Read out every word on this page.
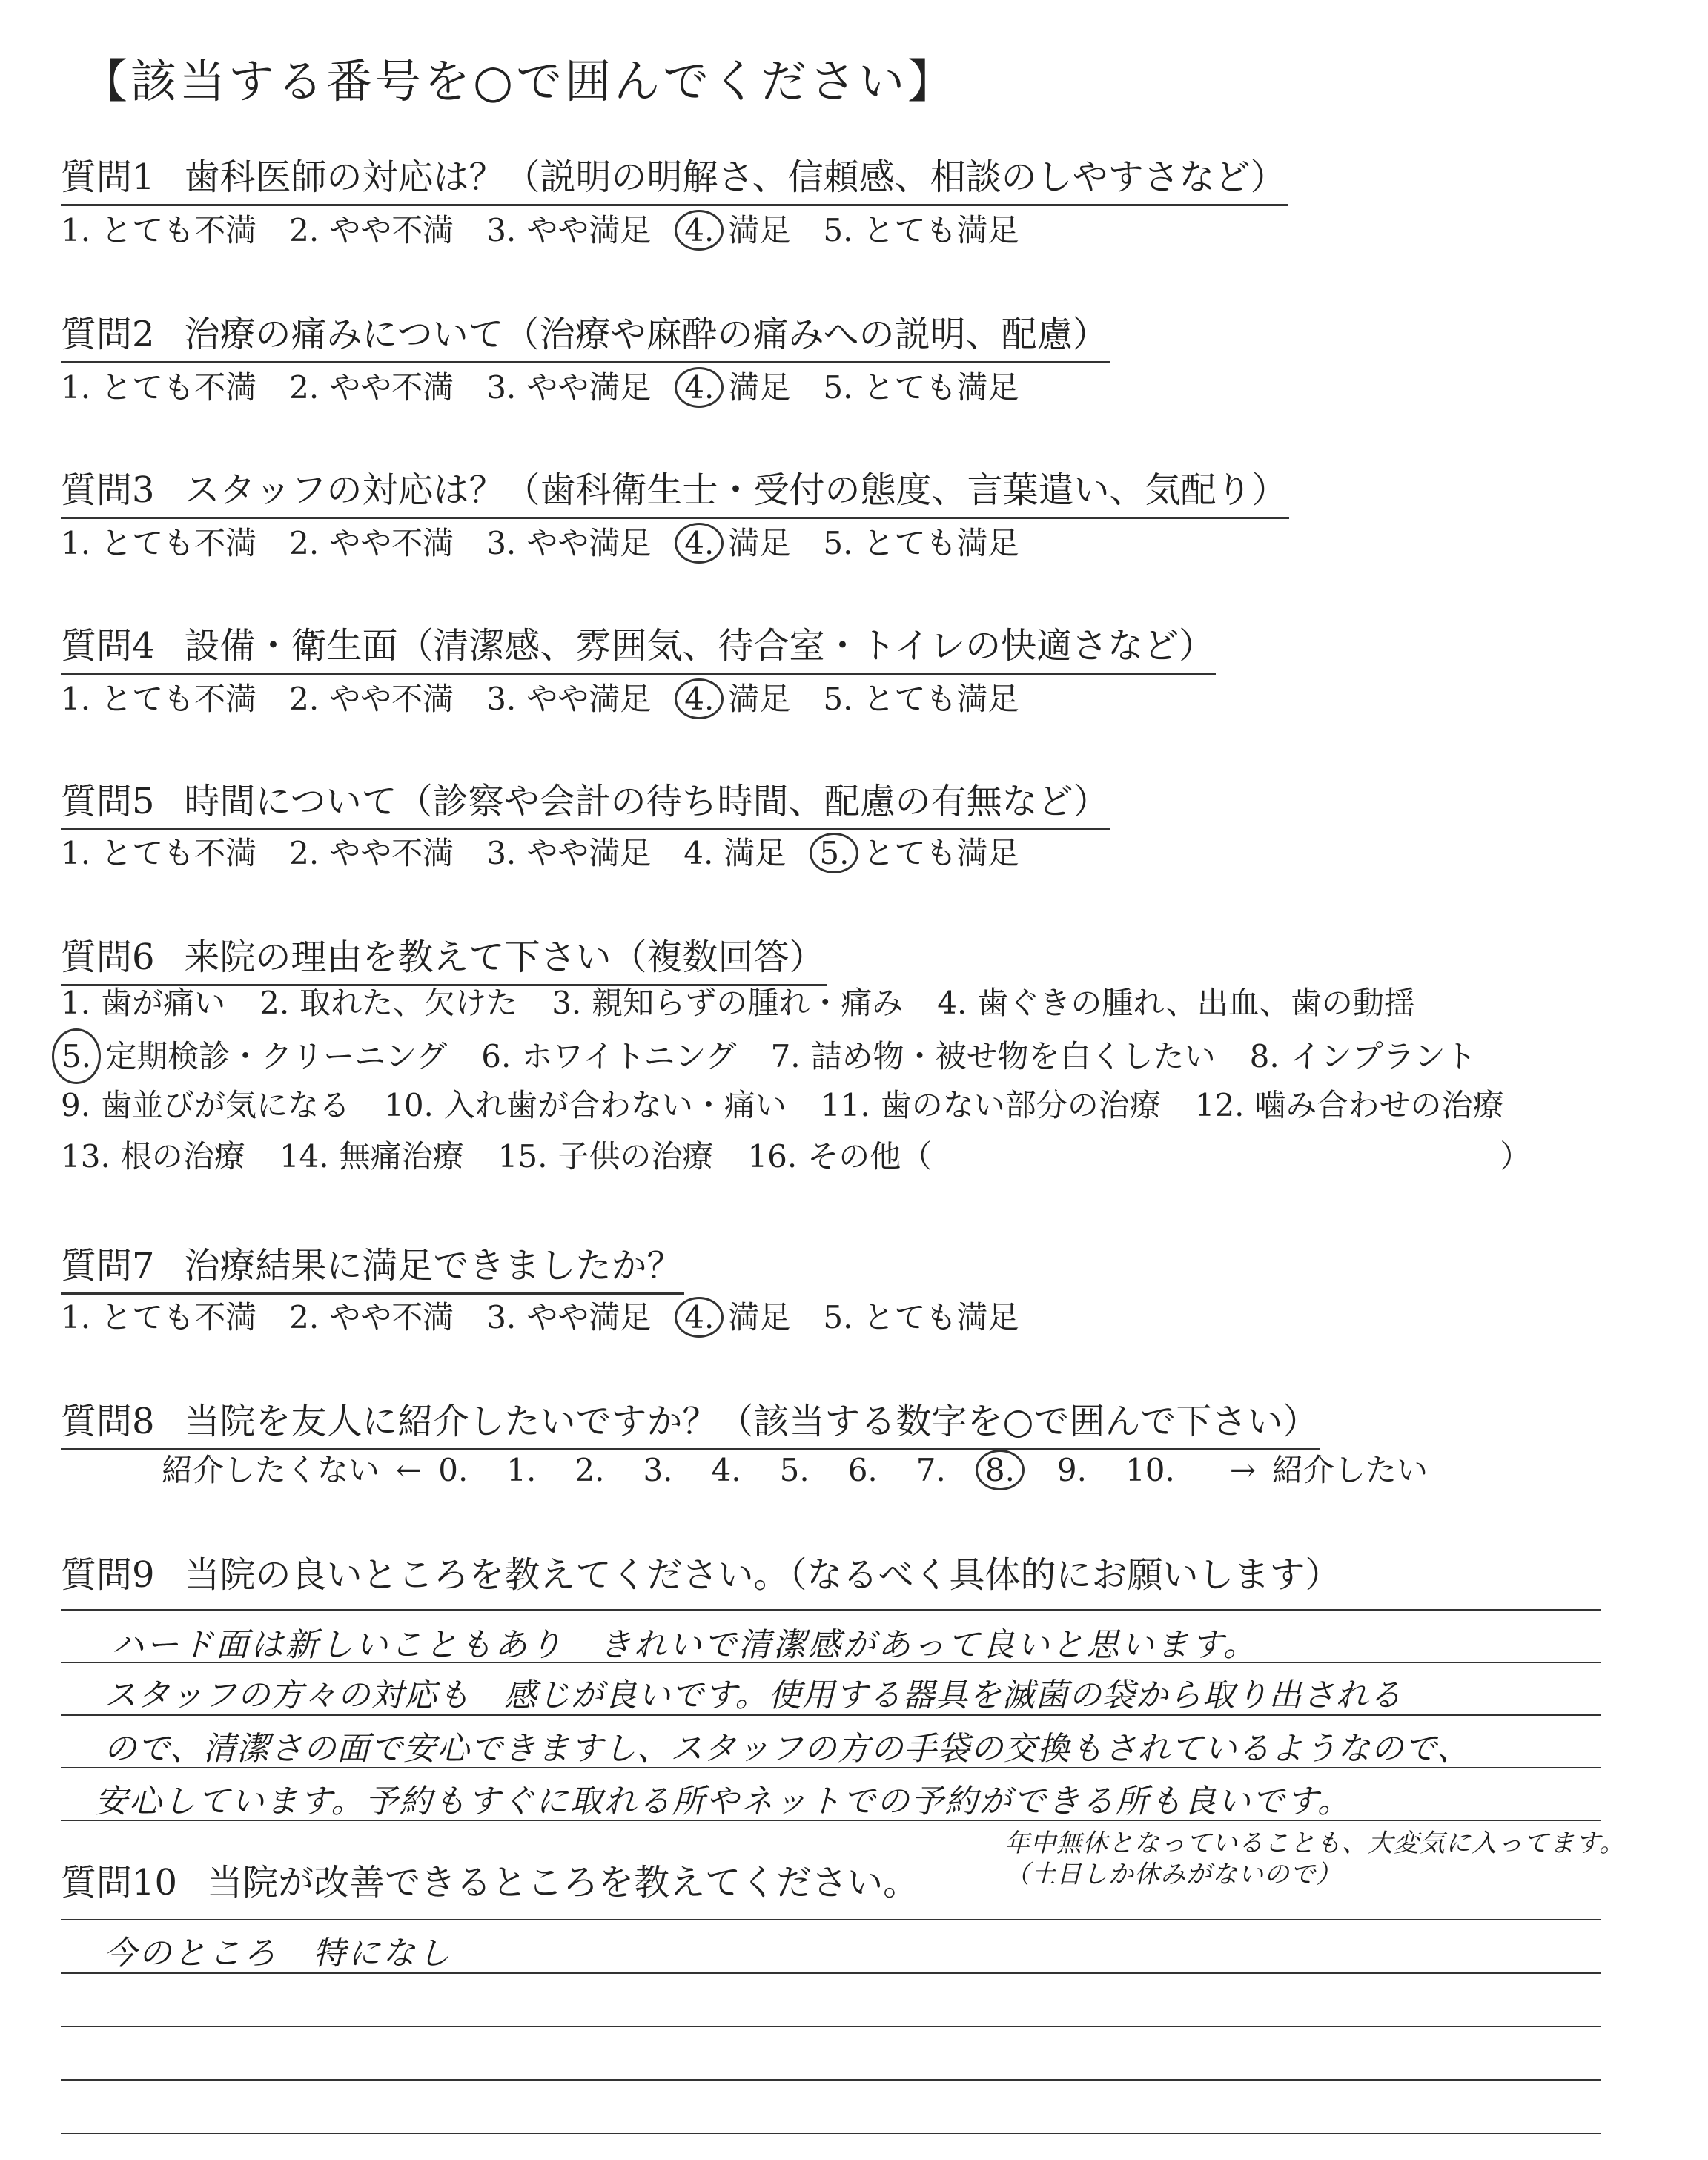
【該当する番号を○で囲んでください】
質問1 歯科医師の対応は？（説明の明解さ、信頼感、相談のしやすさなど）
1. とても不満 2. やや不満 3. やや満足 4. 満足 5. とても満足
質問2 治療の痛みについて（治療や麻酔の痛みへの説明、配慮）
1. とても不満 2. やや不満 3. やや満足 4. 満足 5. とても満足
質問3 スタッフの対応は？（歯科衛生士・受付の態度、言葉遣い、気配り）
1. とても不満 2. やや不満 3. やや満足 4. 満足 5. とても満足
質問4 設備・衛生面（清潔感、雰囲気、待合室・トイレの快適さなど）
1. とても不満 2. やや不満 3. やや満足 4. 満足 5. とても満足
質問5 時間について（診察や会計の待ち時間、配慮の有無など）
1. とても不満 2. やや不満 3. やや満足 4. 満足 5. とても満足
質問6 来院の理由を教えて下さい（複数回答）
1. 歯が痛い 2. 取れた、欠けた 3. 親知らずの腫れ・痛み 4. 歯ぐきの腫れ、出血、歯の動揺
5. 定期検診・クリーニング 6. ホワイトニング 7. 詰め物・被せ物を白くしたい 8. インプラント
9. 歯並びが気になる 10. 入れ歯が合わない・痛い 11. 歯のない部分の治療 12. 噛み合わせの治療
13. 根の治療 14. 無痛治療 15. 子供の治療 16. その他（	）
質問7 治療結果に満足できましたか？
1. とても不満 2. やや不満 3. やや満足 4. 満足 5. とても満足
質問8 当院を友人に紹介したいですか？（該当する数字を○で囲んで下さい）
紹介したくない ← 0. 1. 2. 3. 4. 5. 6. 7. 8. 9. 10. → 紹介したい
質問9 当院の良いところを教えてください。（なるべく具体的にお願いします）
ハード面は新しいこともあり　きれいで清潔感があって良いと思います。
スタッフの方々の対応も　感じが良いです。使用する器具を滅菌の袋から取り出される
ので、清潔さの面で安心できますし、スタッフの方の手袋の交換もされているようなので、
安心しています。予約もすぐに取れる所やネットでの予約ができる所も良いです。
年中無休となっていることも、大変気に入ってます。
（土日しか休みがないので）
質問10 当院が改善できるところを教えてください。
今のところ　特になし
